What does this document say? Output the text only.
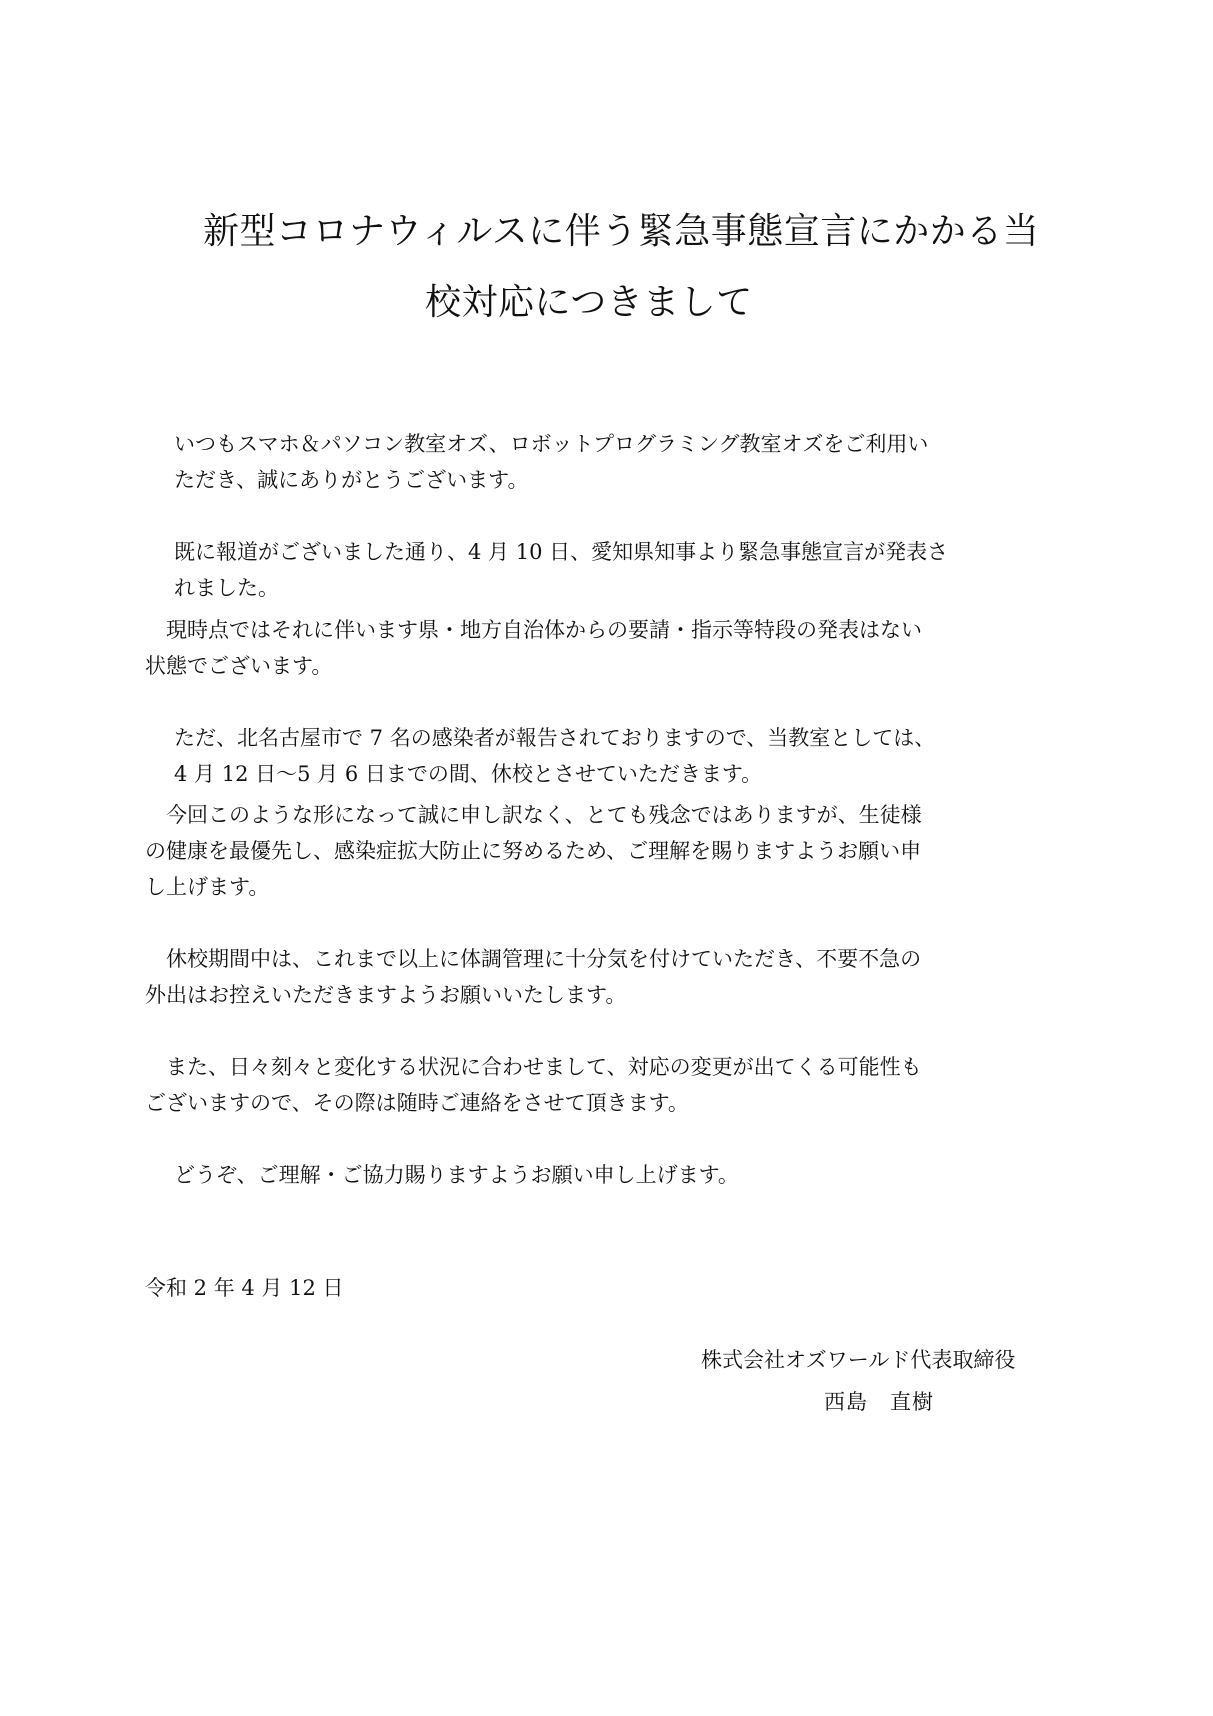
新型コロナウィルスに伴う緊急事態宣言にかかる当
校対応につきまして

いつもスマホ＆パソコン教室オズ、ロボットプログラミング教室オズをご利用い

ただき、誠にありがとうございます。

既に報道がございました通り、4 月 10 日、愛知県知事より緊急事態宣言が発表さ

れました。

現時点ではそれに伴います県・地方自治体からの要請・指示等特段の発表はない

状態でございます。

ただ、北名古屋市で 7 名の感染者が報告されておりますので、当教室としては、

4 月 12 日～5 月 6 日までの間、休校とさせていただきます。

今回このような形になって誠に申し訳なく、とても残念ではありますが、生徒様

の健康を最優先し、感染症拡大防止に努めるため、ご理解を賜りますようお願い申

し上げます。

休校期間中は、これまで以上に体調管理に十分気を付けていただき、不要不急の

外出はお控えいただきますようお願いいたします。

また、日々刻々と変化する状況に合わせまして、対応の変更が出てくる可能性も

ございますので、その際は随時ご連絡をさせて頂きます。

どうぞ、ご理解・ご協力賜りますようお願い申し上げます。

令和 2 年 4 月 12 日

株式会社オズワールド代表取締役

西島　直樹
